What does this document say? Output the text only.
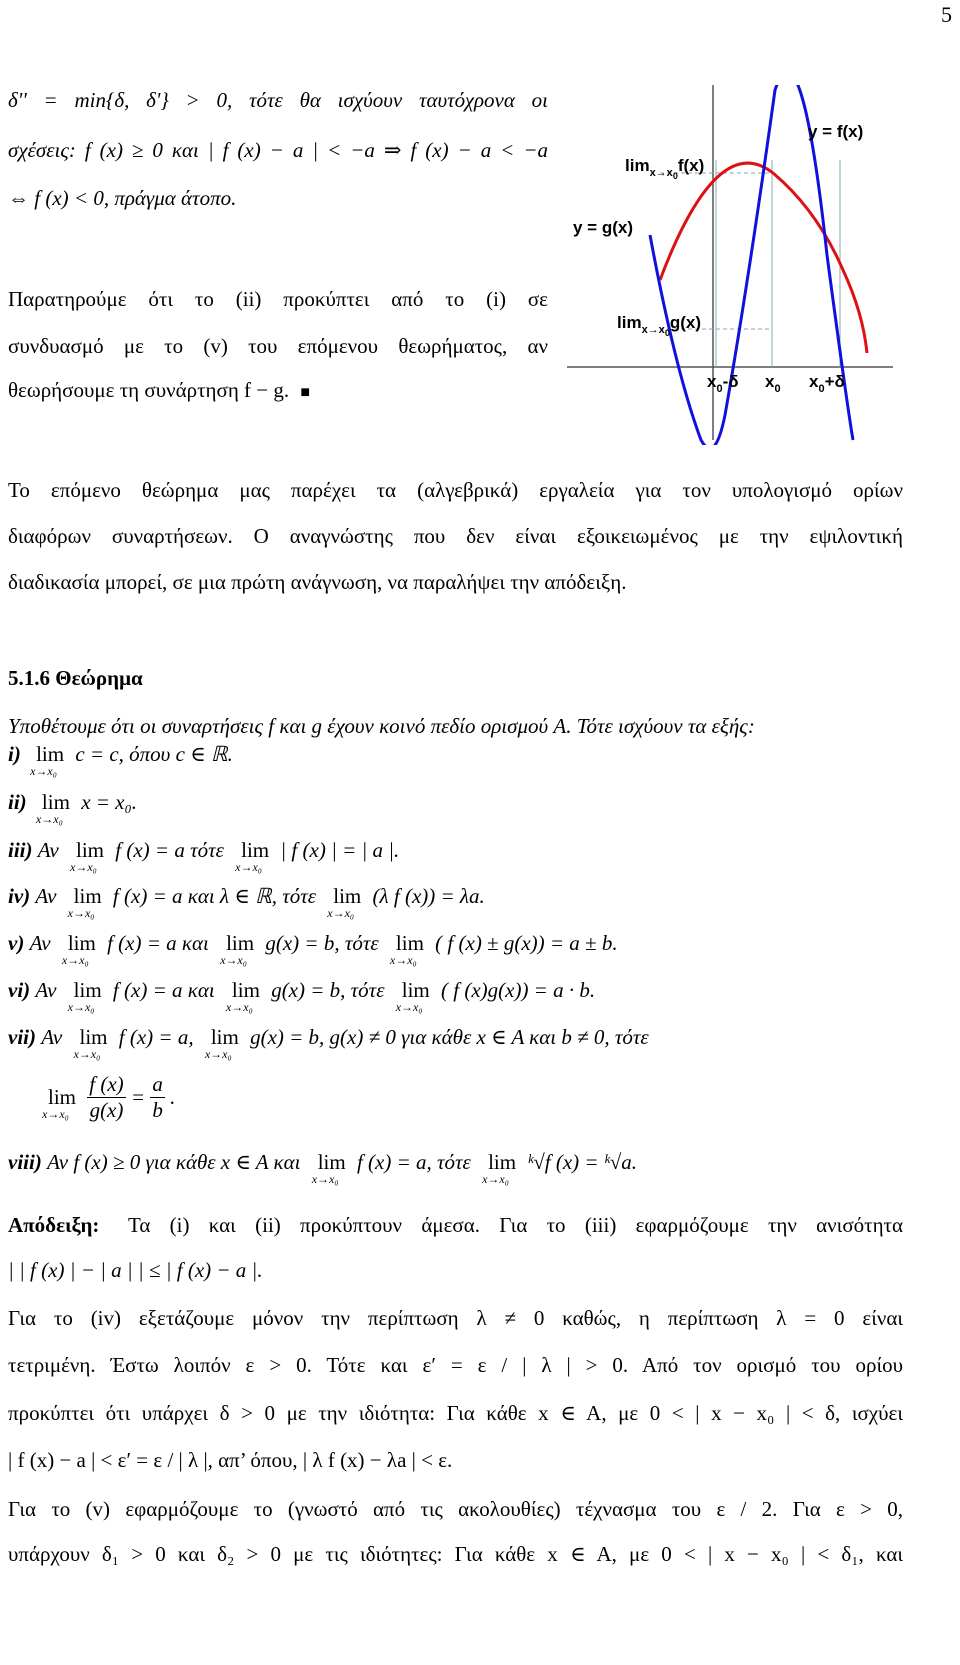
5
δ'' = min{δ, δ'} > 0, τότε θα ισχύουν ταυτόχρονα οι
σχέσεις: f (x) ≥ 0 και | f (x) − a | < −a ⇒ f (x) − a < −a
⇔ f (x) < 0, πράγμα άτοπο.
Παρατηρούμε ότι το (ii) προκύπτει από το (i) σε
συνδυασμό με το (v) του επόμενου θεωρήματος, αν
θεωρήσουμε τη συνάρτηση f − g. ■
y = f(x)
y = g(x)
$\lim_{x\to x}0f(x)$
$\lim_{x\to x}0g(x)$
$x_0-\delta$ $x_0$ $x_0+\delta$
Το επόμενο θεώρημα μας παρέχει τα (αλγεβρικά) εργαλεία για τον υπολογισμό ορίων
διαφόρων συναρτήσεων. Ο αναγνώστης που δεν είναι εξοικειωμένος με την εψιλοντική
διαδικασία μπορεί, σε μια πρώτη ανάγνωση, να παραλήψει την απόδειξη.
5.1.6 Θεώρημα
Υποθέτουμε ότι οι συναρτήσεις f και g έχουν κοινό πεδίο ορισμού A. Τότε ισχύουν τα εξής:
i) lim
x→x₀
c = c, όπου c ∈ ℝ.
ii) lim
x→x₀
x = x₀.
iii) Αν lim
x→x₀
f (x) = a τότε lim
x→x₀
| f (x) | = | a |.
iv) Αν lim
x→x₀
f (x) = a και λ ∈ ℝ, τότε lim
x→x₀
(λ f (x)) = λa.
v) Αν lim
x→x₀
f (x) = a και lim
x→x₀
g(x) = b, τότε lim
x→x₀
( f (x) ± g(x)) = a ± b.
vi) Αν lim
x→x₀
f (x) = a και lim
x→x₀
g(x) = b, τότε lim
x→x₀
( f (x)g(x)) = a · b.
vii) Αν lim
x→x₀
f (x) = a, lim
x→x₀
g(x) = b, g(x) ≠ 0 για κάθε x ∈ A και b ≠ 0, τότε
lim
x→x₀
$\frac{f (x)}{g(x)} = \frac{a}{b}$ .
viii) Αν f (x) ≥ 0 για κάθε x ∈ A και lim
x→x₀
f (x) = a, τότε lim
x→x₀
ᵏ√f (x) = ᵏ√a.
Απόδειξη: Τα (i) και (ii) προκύπτουν άμεσα. Για το (iii) εφαρμόζουμε την ανισότητα
| | f (x) | − | a | | ≤ | f (x) − a |.
Για το (iv) εξετάζουμε μόνον την περίπτωση λ ≠ 0 καθώς, η περίπτωση λ = 0 είναι
τετριμένη. Έστω λοιπόν ε > 0. Τότε και ε′ = ε / | λ | > 0. Από τον ορισμό του ορίου
προκύπτει ότι υπάρχει δ > 0 με την ιδιότητα: Για κάθε x ∈ A, με 0 < | x − x₀ | < δ, ισχύει
| f (x) − a | < ε′ = ε / | λ |, απ’ όπου, | λ f (x) − λa | < ε.
Για το (v) εφαρμόζουμε το (γνωστό από τις ακολουθίες) τέχνασμα του ε / 2. Για ε > 0,
υπάρχουν δ₁ > 0 και δ₂ > 0 με τις ιδιότητες: Για κάθε x ∈ A, με 0 < | x − x₀ | < δ₁, και
